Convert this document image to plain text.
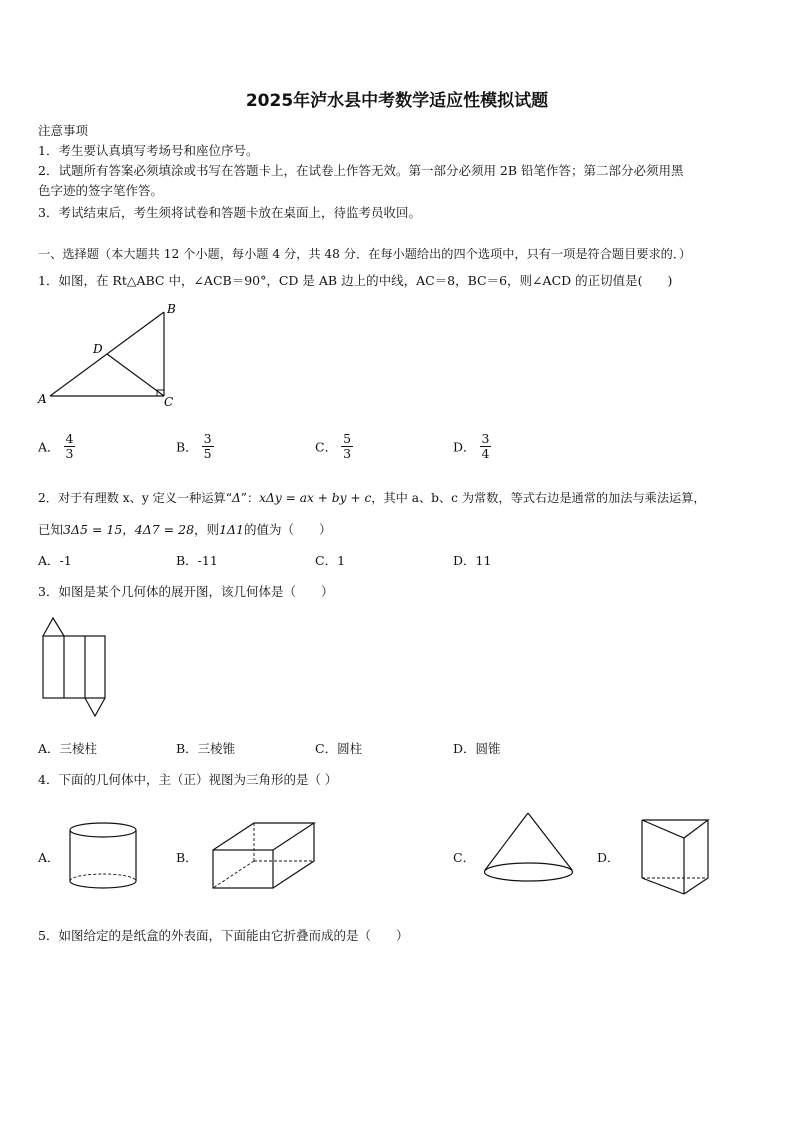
2025年泸水县中考数学适应性模拟试题
注意事项
1．考生要认真填写考场号和座位序号。
2．试题所有答案必须填涂或书写在答题卡上，在试卷上作答无效。第一部分必须用 2B 铅笔作答；第二部分必须用黑
色字迹的签字笔作答。
3．考试结束后，考生须将试卷和答题卡放在桌面上，待监考员收回。
一、选择题（本大题共 12 个小题，每小题 4 分，共 48 分．在每小题给出的四个选项中，只有一项是符合题目要求的．）
1．如图，在 Rt△ABC 中，∠ACB＝90°，CD 是 AB 边上的中线，AC＝8，BC＝6，则∠ACD 的正切值是(　　)
A
B
C
D
A． $\frac{4}{3}$	B． $\frac{3}{5}$	C． $\frac{5}{3}$	D． $\frac{3}{4}$
2．对于有理数 x、y 定义一种运算“Δ”：xΔy = ax + by + c，其中 a、b、c 为常数，等式右边是通常的加法与乘法运算，
已知3Δ5 = 15，4Δ7 = 28，则1Δ1的值为（　　）
A．-1	B．-11	C．1	D．11
3．如图是某个几何体的展开图，该几何体是（　　）
A．三棱柱	B．三棱锥	C．圆柱	D．圆锥
4．下面的几何体中，主（正）视图为三角形的是（ ）
A．	B．	C．	D．
5．如图给定的是纸盒的外表面，下面能由它折叠而成的是（　　）
